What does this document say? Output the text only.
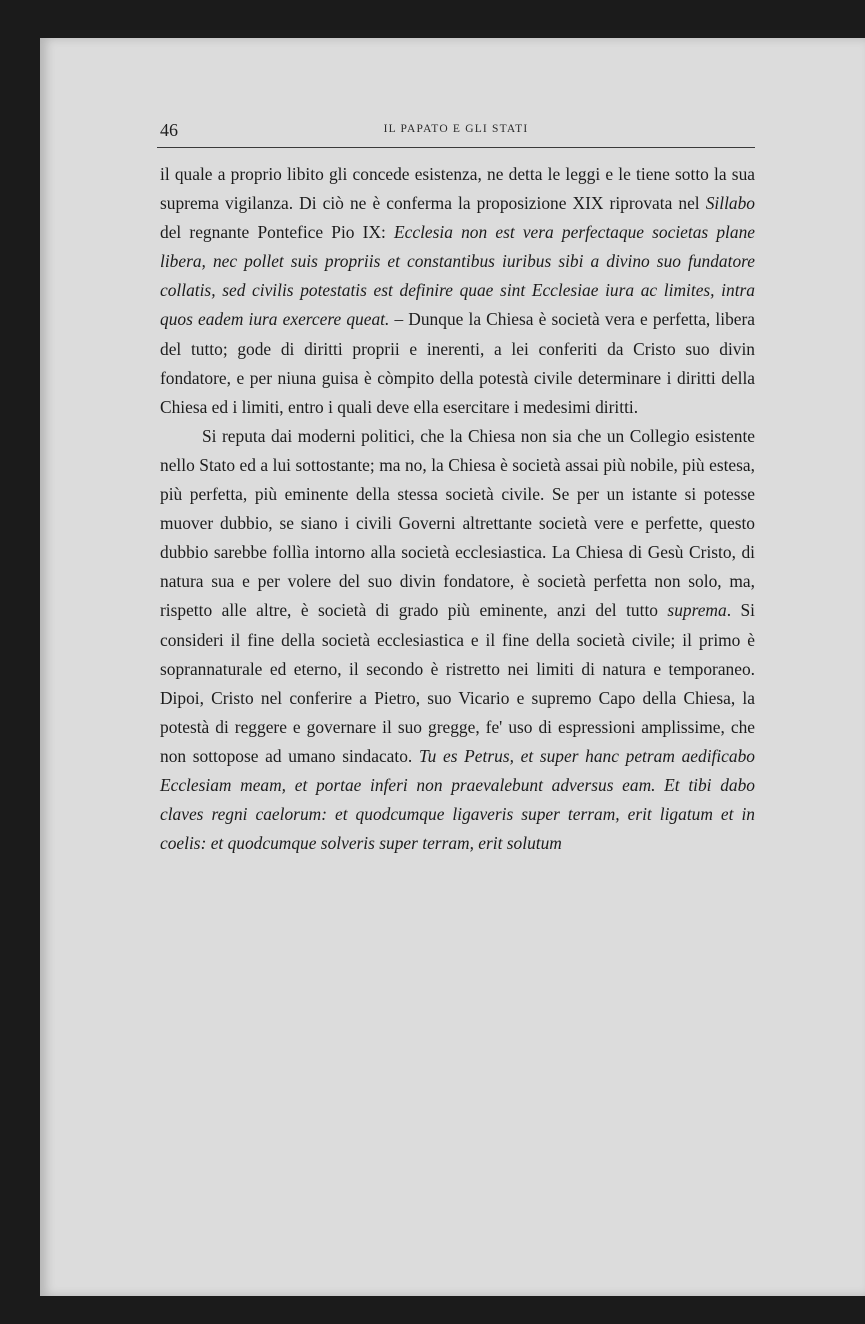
46	IL PAPATO E GLI STATI

il quale a proprio libito gli concede esistenza, ne detta le leggi e le tiene sotto la sua suprema vigilanza. Di ciò ne è conferma la proposizione XIX riprovata nel Sillabo del regnante Pontefice Pio IX: Ecclesia non est vera perfectaque societas plane libera, nec pollet suis propriis et constantibus iuribus sibi a divino suo fundatore collatis, sed civilis potestatis est definire quae sint Ecclesiae iura ac limites, intra quos eadem iura exercere queat. – Dunque la Chiesa è società vera e perfetta, libera del tutto; gode di diritti proprii e inerenti, a lei conferiti da Cristo suo divin fondatore, e per niuna guisa è còmpito della potestà civile determinare i diritti della Chiesa ed i limiti, entro i quali deve ella esercitare i medesimi diritti.

Si reputa dai moderni politici, che la Chiesa non sia che un Collegio esistente nello Stato ed a lui sottostante; ma no, la Chiesa è società assai più nobile, più estesa, più perfetta, più eminente della stessa società civile. Se per un istante si potesse muover dubbio, se siano i civili Governi altrettante società vere e perfette, questo dubbio sarebbe follìa intorno alla società ecclesiastica. La Chiesa di Gesù Cristo, di natura sua e per volere del suo divin fondatore, è società perfetta non solo, ma, rispetto alle altre, è società di grado più eminente, anzi del tutto suprema. Si consideri il fine della società ecclesiastica e il fine della società civile; il primo è soprannaturale ed eterno, il secondo è ristretto nei limiti di natura e temporaneo. Dipoi, Cristo nel conferire a Pietro, suo Vicario e supremo Capo della Chiesa, la potestà di reggere e governare il suo gregge, fe' uso di espressioni amplissime, che non sottopose ad umano sindacato. Tu es Petrus, et super hanc petram aedificabo Ecclesiam meam, et portae inferi non praevalebunt adversus eam. Et tibi dabo claves regni caelorum: et quodcumque ligaveris super terram, erit ligatum et in coelis: et quodcumque solveris super terram, erit solutum
